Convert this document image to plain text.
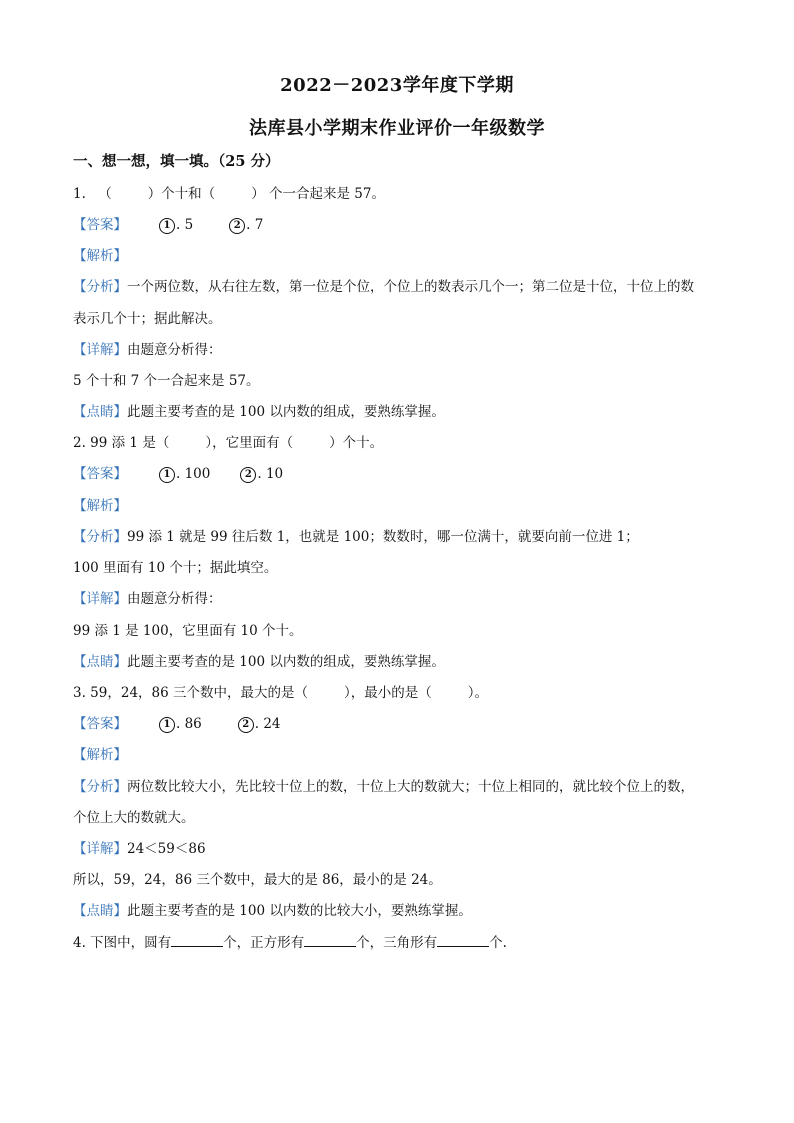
2022－2023学年度下学期
法库县小学期末作业评价一年级数学
一、想一想，填一填。（25 分）
1. （	）个十和（	） 个一合起来是 57。
【答案】	1 . 5	2 . 7
【解析】
【分析】一个两位数，从右往左数，第一位是个位，个位上的数表示几个一；第二位是十位，十位上的数
表示几个十；据此解决。
【详解】由题意分析得：
5 个十和 7 个一合起来是 57。
【点睛】此题主要考查的是 100 以内数的组成，要熟练掌握。
2. 99 添 1 是（	），它里面有（	）个十。
【答案】	1 . 100	2 . 10
【解析】
【分析】99 添 1 就是 99 往后数 1，也就是 100；数数时，哪一位满十，就要向前一位进 1；
100 里面有 10 个十；据此填空。
【详解】由题意分析得：
99 添 1 是 100，它里面有 10 个十。
【点睛】此题主要考查的是 100 以内数的组成，要熟练掌握。
3. 59，24，86 三个数中，最大的是（	），最小的是（	）。
【答案】	1 . 86	2 . 24
【解析】
【分析】两位数比较大小，先比较十位上的数，十位上大的数就大；十位上相同的，就比较个位上的数，
个位上大的数就大。
【详解】24＜59＜86
所以，59，24，86 三个数中，最大的是 86，最小的是 24。
【点睛】此题主要考查的是 100 以内数的比较大小，要熟练掌握。
4. 下图中，圆有	个，正方形有	个，三角形有	个.
